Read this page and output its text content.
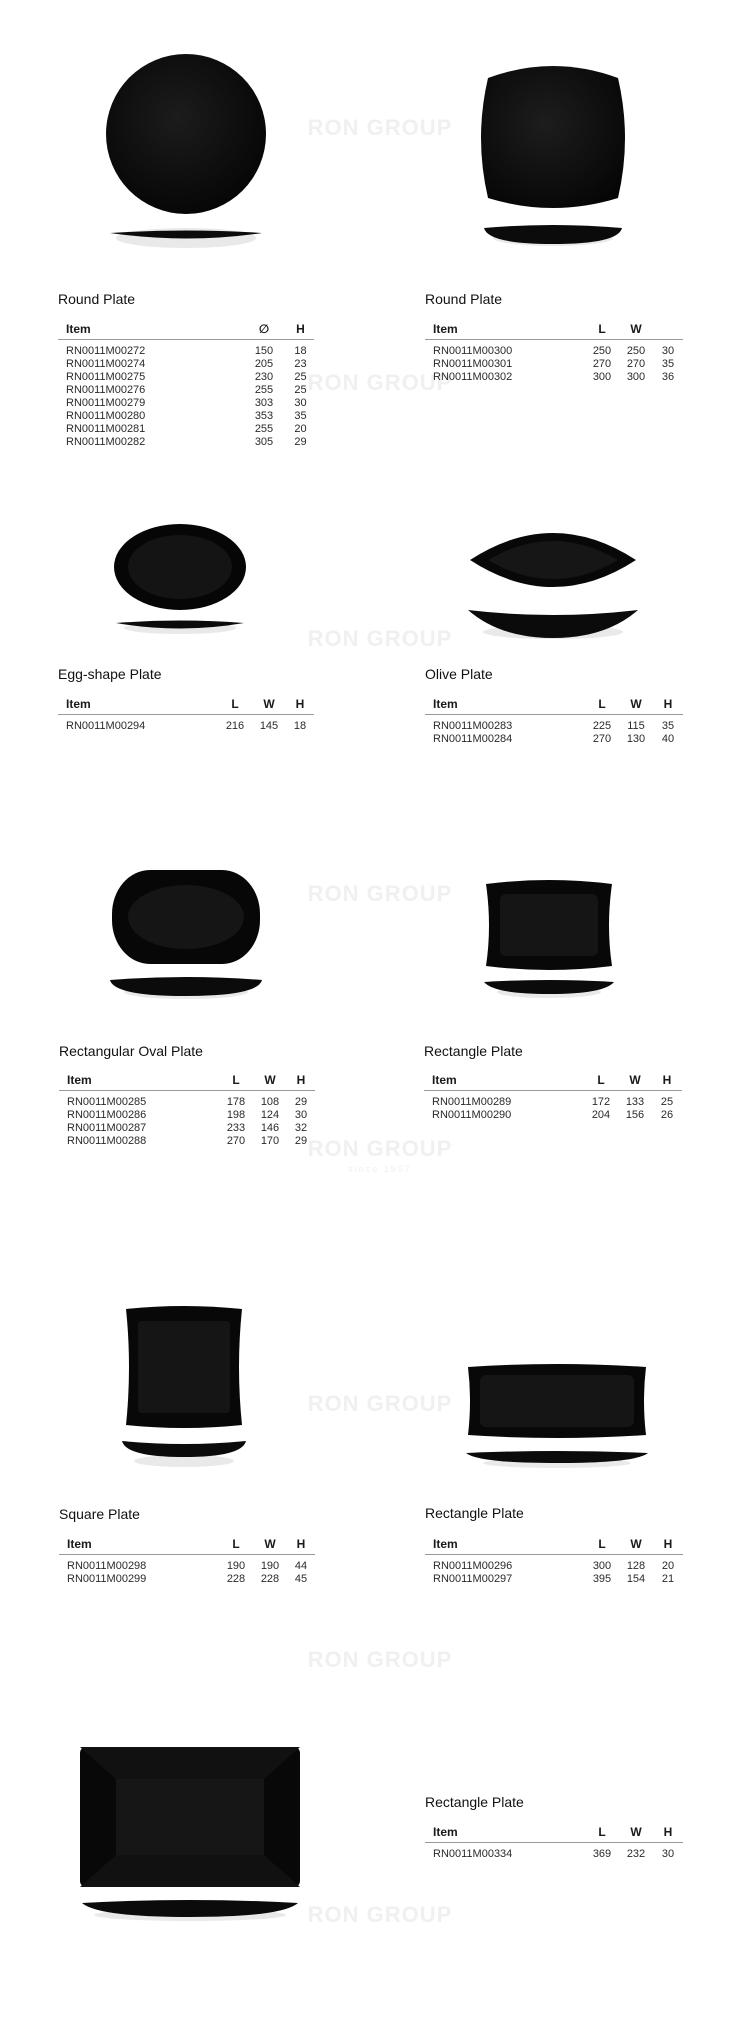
RON GROUP
RON GROUP
RON GROUP
RON GROUP
RON GROUP
since 1997
RON GROUP
RON GROUP
RON GROUP
Round Plate
Item	∅	H
RN0011M00272	150	18
RN0011M00274	205	23
RN0011M00275	230	25
RN0011M00276	255	25
RN0011M00279	303	30
RN0011M00280	353	35
RN0011M00281	255	20
RN0011M00282	305	29
Round Plate
Item	L	W	
RN0011M00300	250	250	30
RN0011M00301	270	270	35
RN0011M00302	300	300	36
Egg-shape Plate
Item	L	W	H
RN0011M00294	216	145	18
Olive Plate
Item	L	W	H
RN0011M00283	225	115	35
RN0011M00284	270	130	40
Rectangular Oval Plate
Item	L	W	H
RN0011M00285	178	108	29
RN0011M00286	198	124	30
RN0011M00287	233	146	32
RN0011M00288	270	170	29
Rectangle Plate
Item	L	W	H
RN0011M00289	172	133	25
RN0011M00290	204	156	26
Square Plate
Item	L	W	H
RN0011M00298	190	190	44
RN0011M00299	228	228	45
Rectangle Plate
Item	L	W	H
RN0011M00296	300	128	20
RN0011M00297	395	154	21
Rectangle Plate
Item	L	W	H
RN0011M00334	369	232	30
